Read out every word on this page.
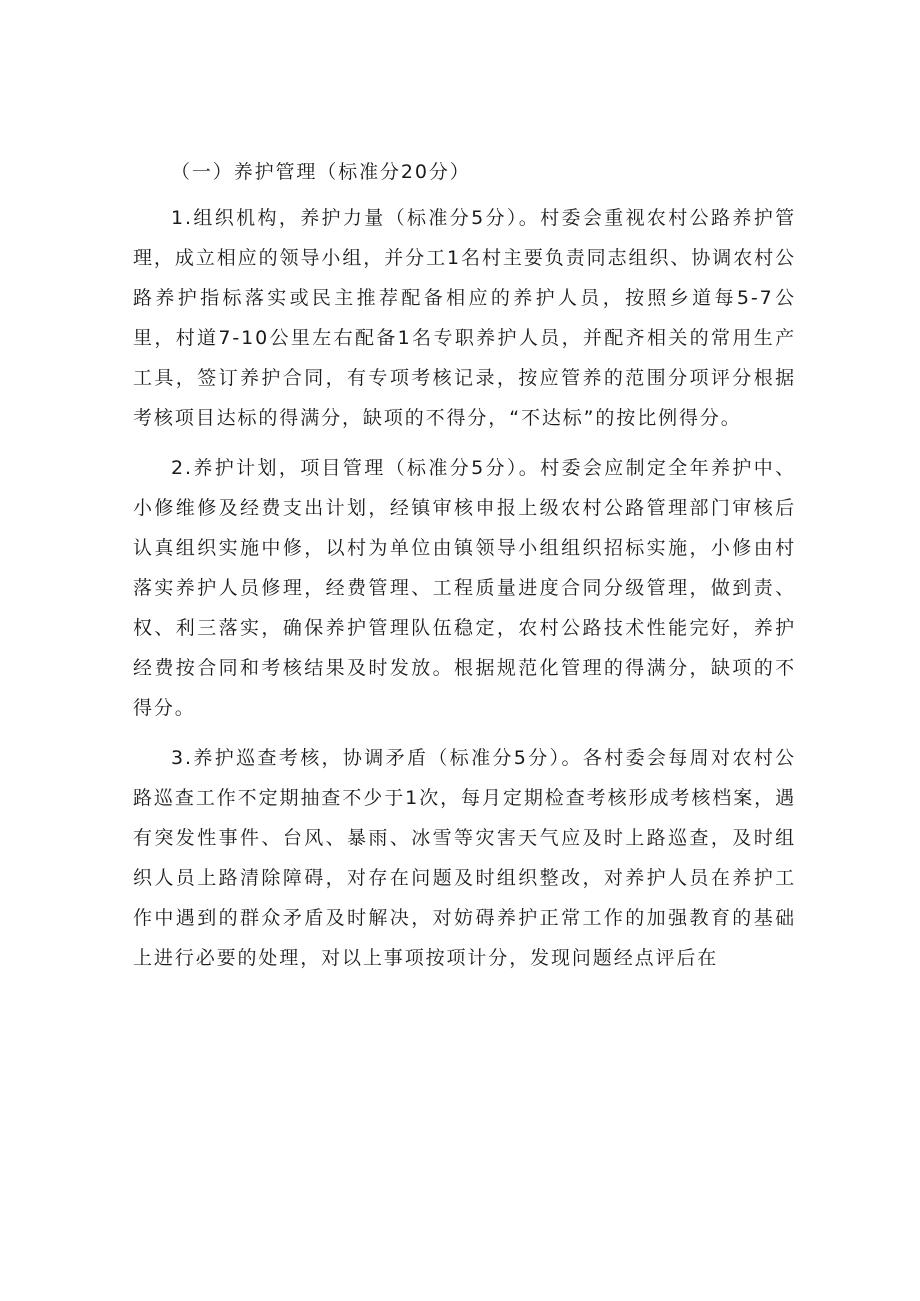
（一）养护管理（标准分20分）

1.组织机构，养护力量（标准分5分）。村委会重视农村公路养护管理，成立相应的领导小组，并分工1名村主要负责同志组织、协调农村公路养护指标落实或民主推荐配备相应的养护人员，按照乡道每5-7公里，村道7-10公里左右配备1名专职养护人员，并配齐相关的常用生产工具，签订养护合同，有专项考核记录，按应管养的范围分项评分根据考核项目达标的得满分，缺项的不得分，“不达标”的按比例得分。

2.养护计划，项目管理（标准分5分）。村委会应制定全年养护中、小修维修及经费支出计划，经镇审核申报上级农村公路管理部门审核后认真组织实施中修，以村为单位由镇领导小组组织招标实施，小修由村落实养护人员修理，经费管理、工程质量进度合同分级管理，做到责、权、利三落实，确保养护管理队伍稳定，农村公路技术性能完好，养护经费按合同和考核结果及时发放。根据规范化管理的得满分，缺项的不得分。

3.养护巡查考核，协调矛盾（标准分5分）。各村委会每周对农村公路巡查工作不定期抽查不少于1次，每月定期检查考核形成考核档案，遇有突发性事件、台风、暴雨、冰雪等灾害天气应及时上路巡查，及时组织人员上路清除障碍，对存在问题及时组织整改，对养护人员在养护工作中遇到的群众矛盾及时解决，对妨碍养护正常工作的加强教育的基础上进行必要的处理，对以上事项按项计分，发现问题经点评后在
